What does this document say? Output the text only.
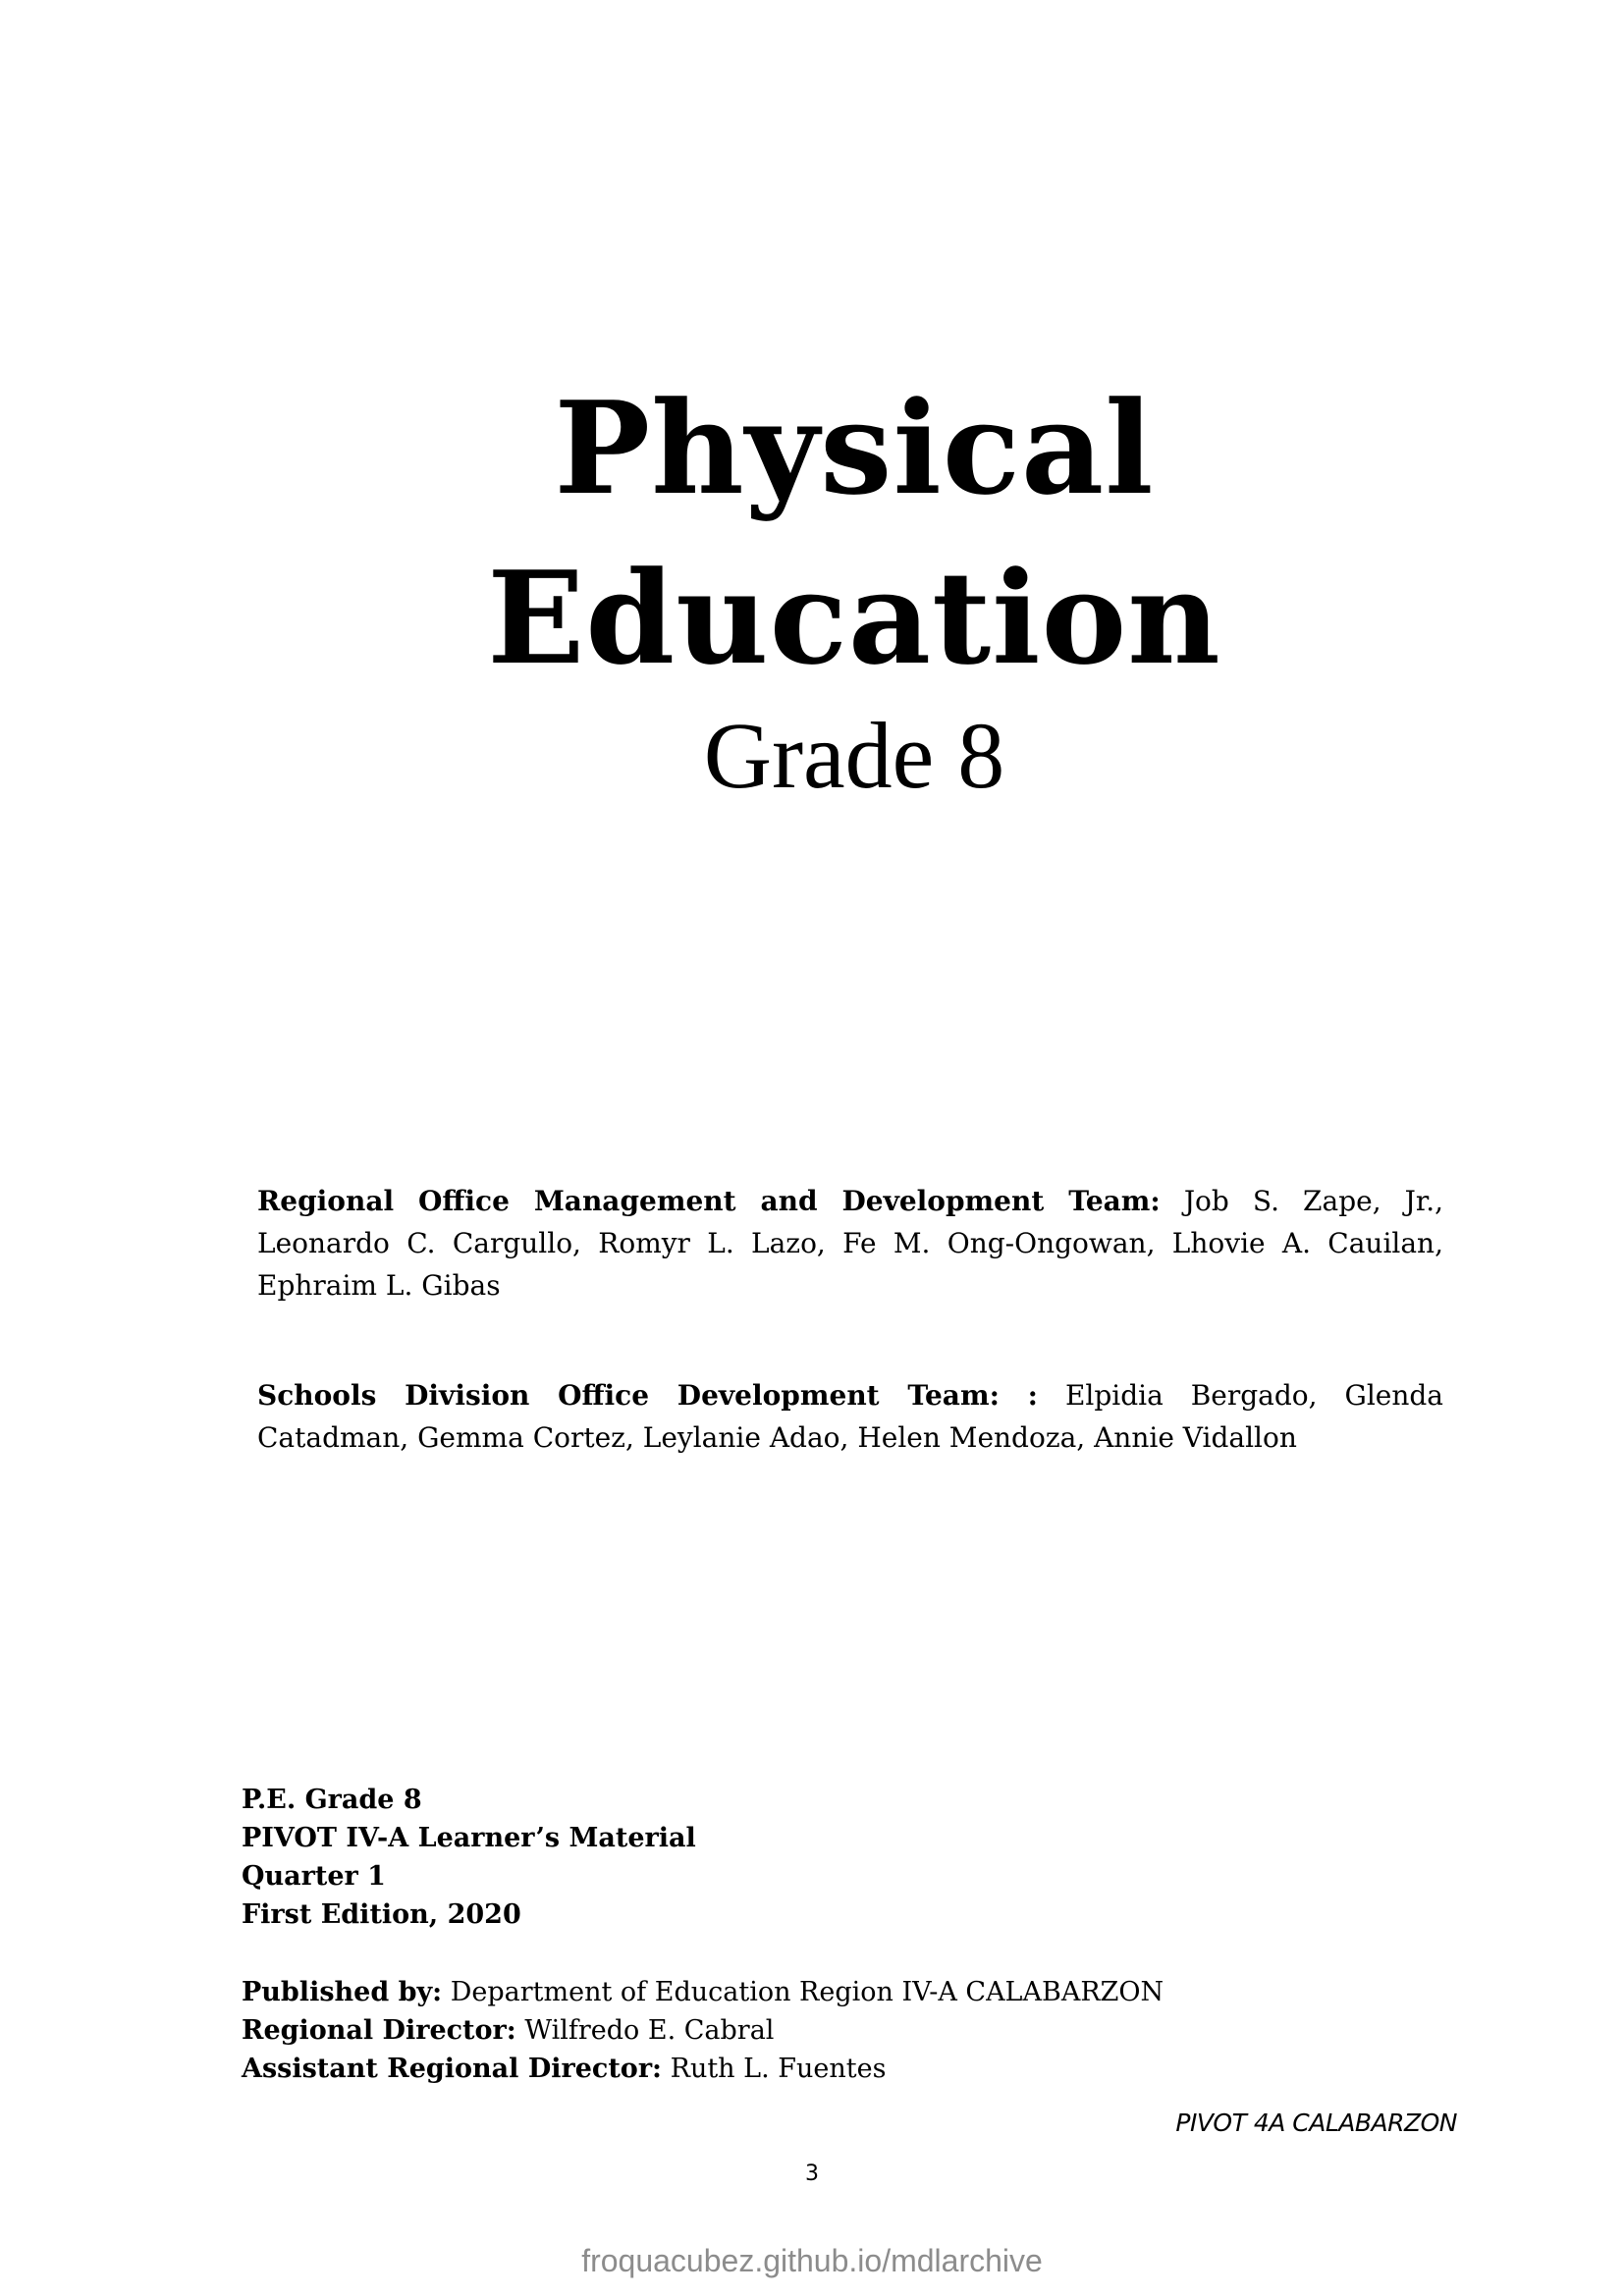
Physical
Education
Grade 8
Regional Office Management and Development Team: Job S. Zape, Jr., Leonardo C. Cargullo, Romyr L. Lazo, Fe M. Ong-Ongowan, Lhovie A. Cauilan, Ephraim L. Gibas
Schools Division Office Development Team: : Elpidia Bergado, Glenda Catadman, Gemma Cortez, Leylanie Adao, Helen Mendoza, Annie Vidallon
P.E. Grade 8
PIVOT IV-A Learner’s Material
Quarter 1
First Edition, 2020
Published by: Department of Education Region IV-A CALABARZON
Regional Director: Wilfredo E. Cabral
Assistant Regional Director: Ruth L. Fuentes
PIVOT 4A CALABARZON
3
froquacubez.github.io/mdlarchive
